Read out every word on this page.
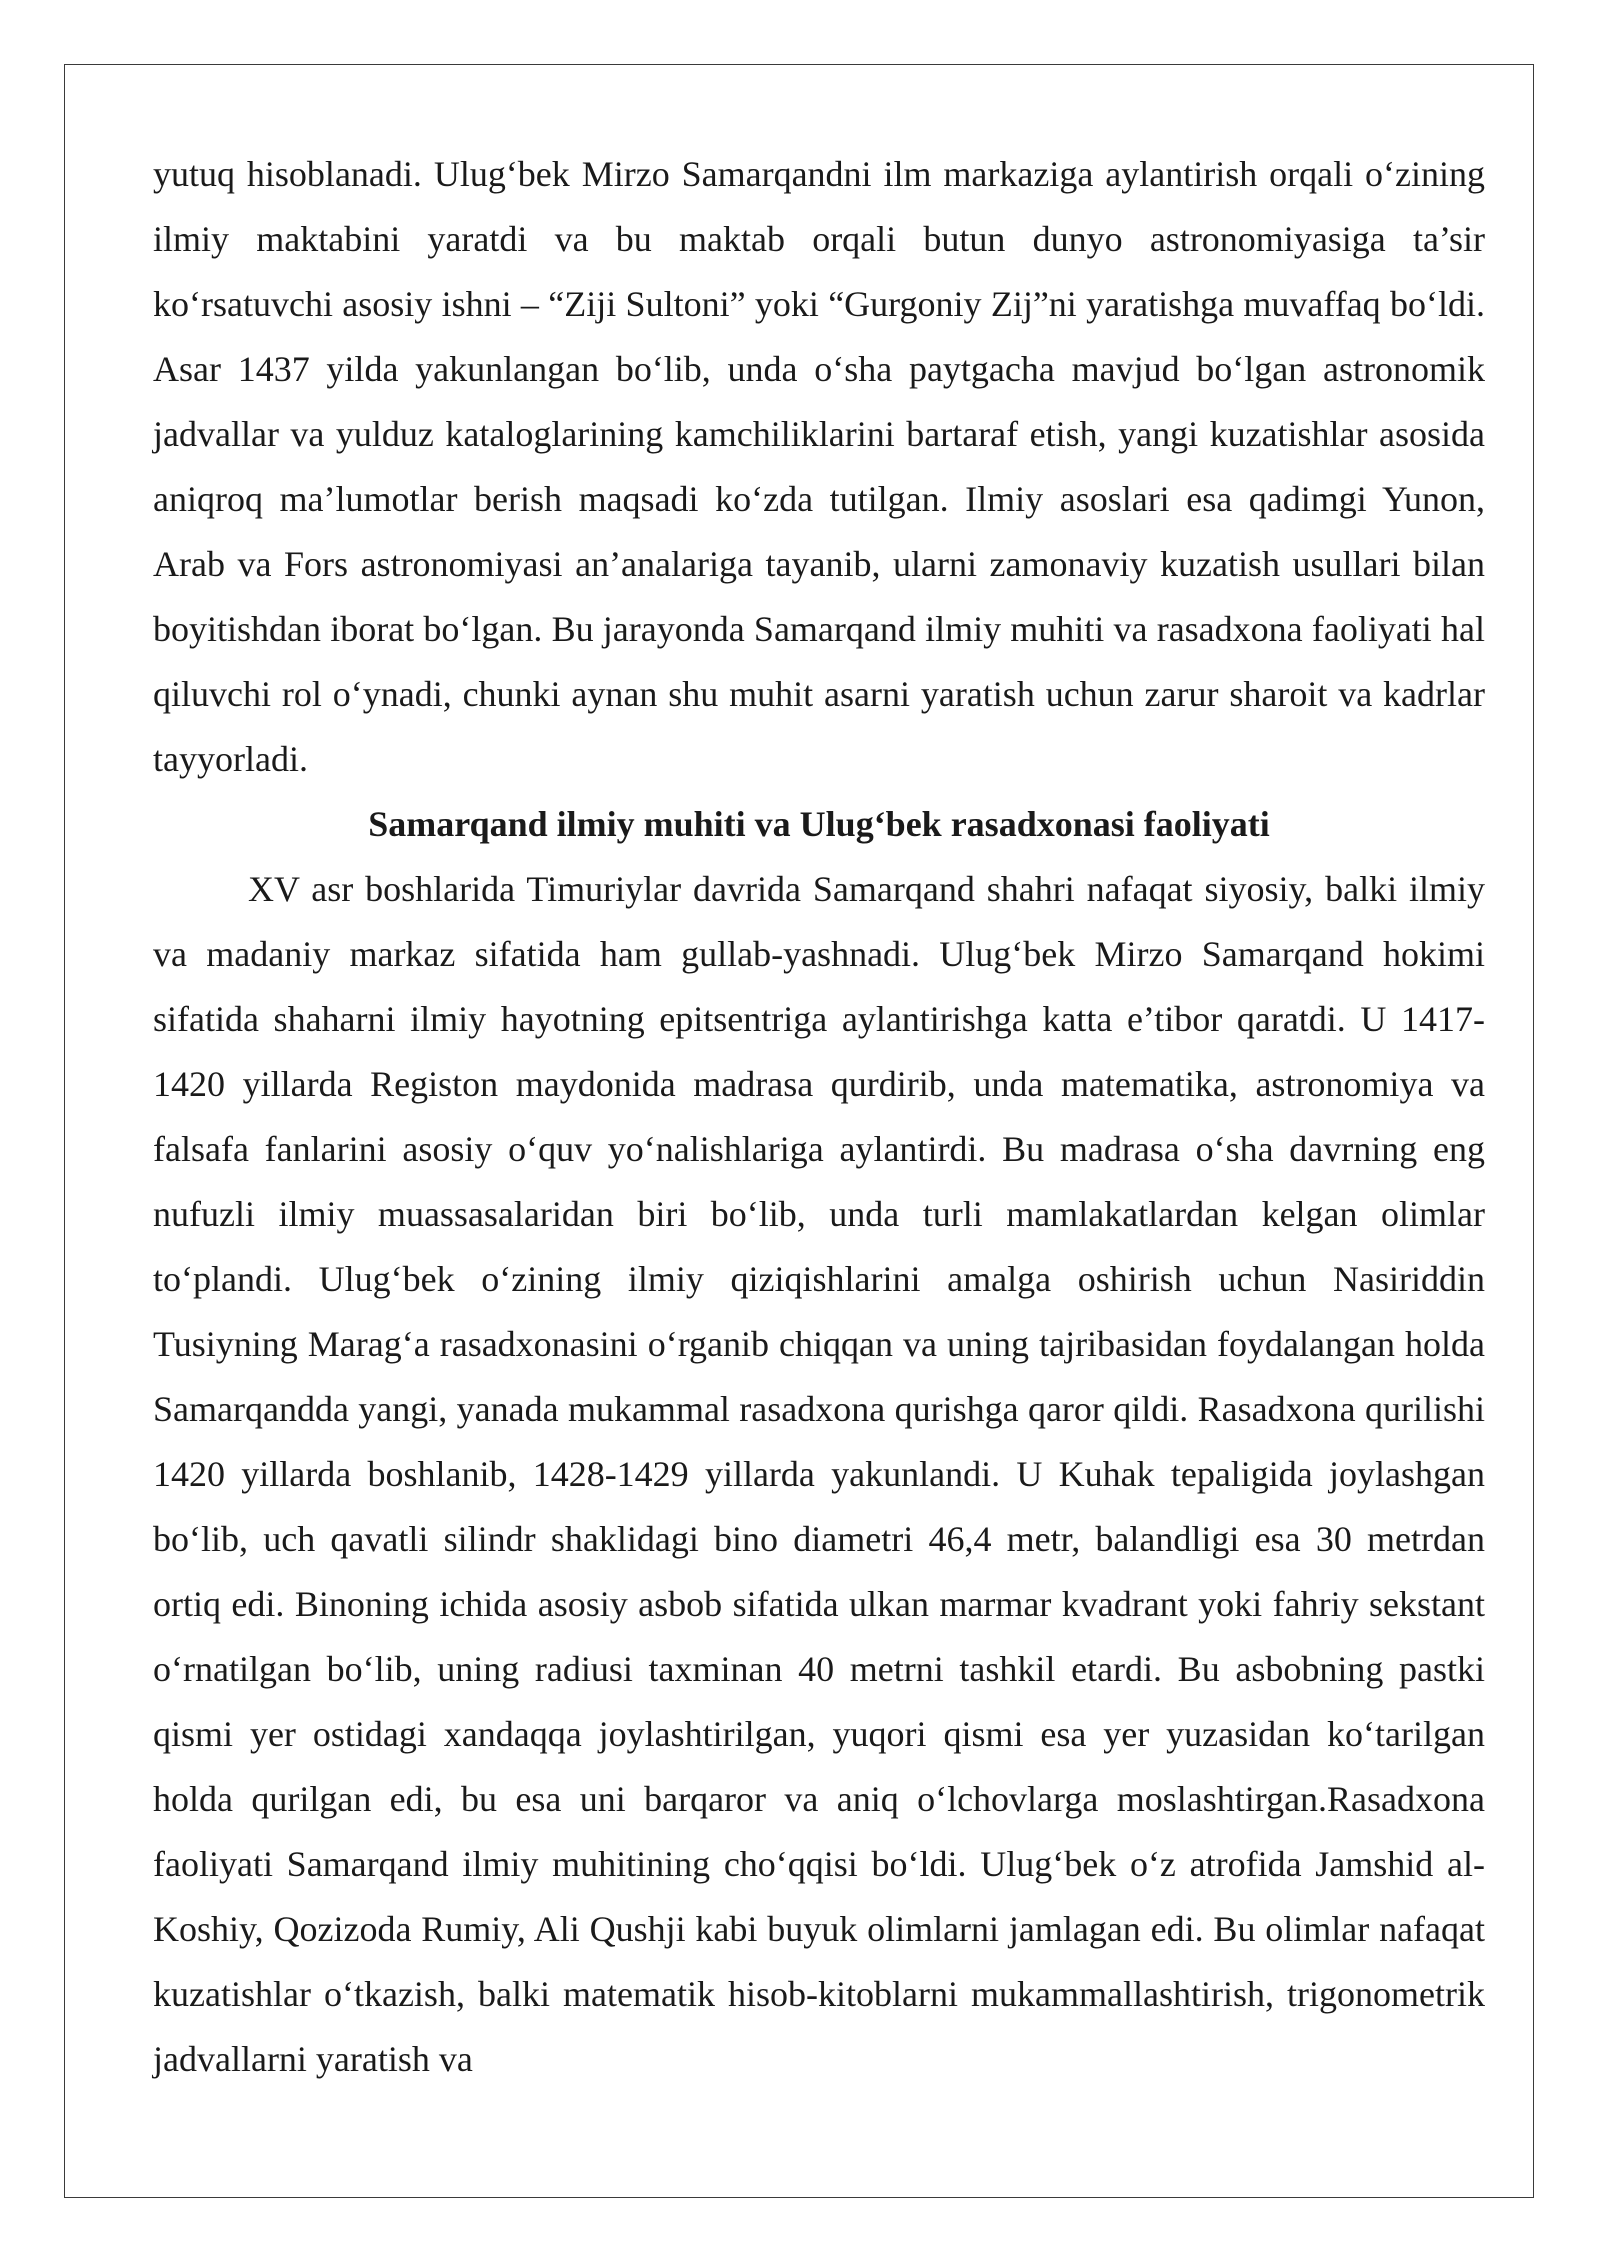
yutuq hisoblanadi. Ulug‘bek Mirzo Samarqandni ilm markaziga aylantirish orqali o‘zining ilmiy maktabini yaratdi va bu maktab orqali butun dunyo astronomiyasiga ta’sir ko‘rsatuvchi asosiy ishni – “Ziji Sultoni” yoki “Gurgoniy Zij”ni yaratishga muvaffaq bo‘ldi. Asar 1437 yilda yakunlangan bo‘lib, unda o‘sha paytgacha mavjud bo‘lgan astronomik jadvallar va yulduz kataloglarining kamchiliklarini bartaraf etish, yangi kuzatishlar asosida aniqroq ma’lumotlar berish maqsadi ko‘zda tutilgan. Ilmiy asoslari esa qadimgi Yunon, Arab va Fors astronomiyasi an’analariga tayanib, ularni zamonaviy kuzatish usullari bilan boyitishdan iborat bo‘lgan. Bu jarayonda Samarqand ilmiy muhiti va rasadxona faoliyati hal qiluvchi rol o‘ynadi, chunki aynan shu muhit asarni yaratish uchun zarur sharoit va kadrlar tayyorladi.

Samarqand ilmiy muhiti va Ulug‘bek rasadxonasi faoliyati

XV asr boshlarida Timuriylar davrida Samarqand shahri nafaqat siyosiy, balki ilmiy va madaniy markaz sifatida ham gullab-yashnadi. Ulug‘bek Mirzo Samarqand hokimi sifatida shaharni ilmiy hayotning epitsentriga aylantirishga katta e’tibor qaratdi. U 1417-1420 yillarda Registon maydonida madrasa qurdirib, unda matematika, astronomiya va falsafa fanlarini asosiy o‘quv yo‘nalishlariga aylantirdi. Bu madrasa o‘sha davrning eng nufuzli ilmiy muassasalaridan biri bo‘lib, unda turli mamlakatlardan kelgan olimlar to‘plandi. Ulug‘bek o‘zining ilmiy qiziqishlarini amalga oshirish uchun Nasiriddin Tusiyning Marag‘a rasadxonasini o‘rganib chiqqan va uning tajribasidan foydalangan holda Samarqandda yangi, yanada mukammal rasadxona qurishga qaror qildi. Rasadxona qurilishi 1420 yillarda boshlanib, 1428-1429 yillarda yakunlandi. U Kuhak tepaligida joylashgan bo‘lib, uch qavatli silindr shaklidagi bino diametri 46,4 metr, balandligi esa 30 metrdan ortiq edi. Binoning ichida asosiy asbob sifatida ulkan marmar kvadrant yoki fahriy sekstant o‘rnatilgan bo‘lib, uning radiusi taxminan 40 metrni tashkil etardi. Bu asbobning pastki qismi yer ostidagi xandaqqa joylashtirilgan, yuqori qismi esa yer yuzasidan ko‘tarilgan holda qurilgan edi, bu esa uni barqaror va aniq o‘lchovlarga moslashtirgan.Rasadxona faoliyati Samarqand ilmiy muhitining cho‘qqisi bo‘ldi. Ulug‘bek o‘z atrofida Jamshid al-Koshiy, Qozizoda Rumiy, Ali Qushji kabi buyuk olimlarni jamlagan edi. Bu olimlar nafaqat kuzatishlar o‘tkazish, balki matematik hisob-kitoblarni mukammallashtirish, trigonometrik jadvallarni yaratish va
